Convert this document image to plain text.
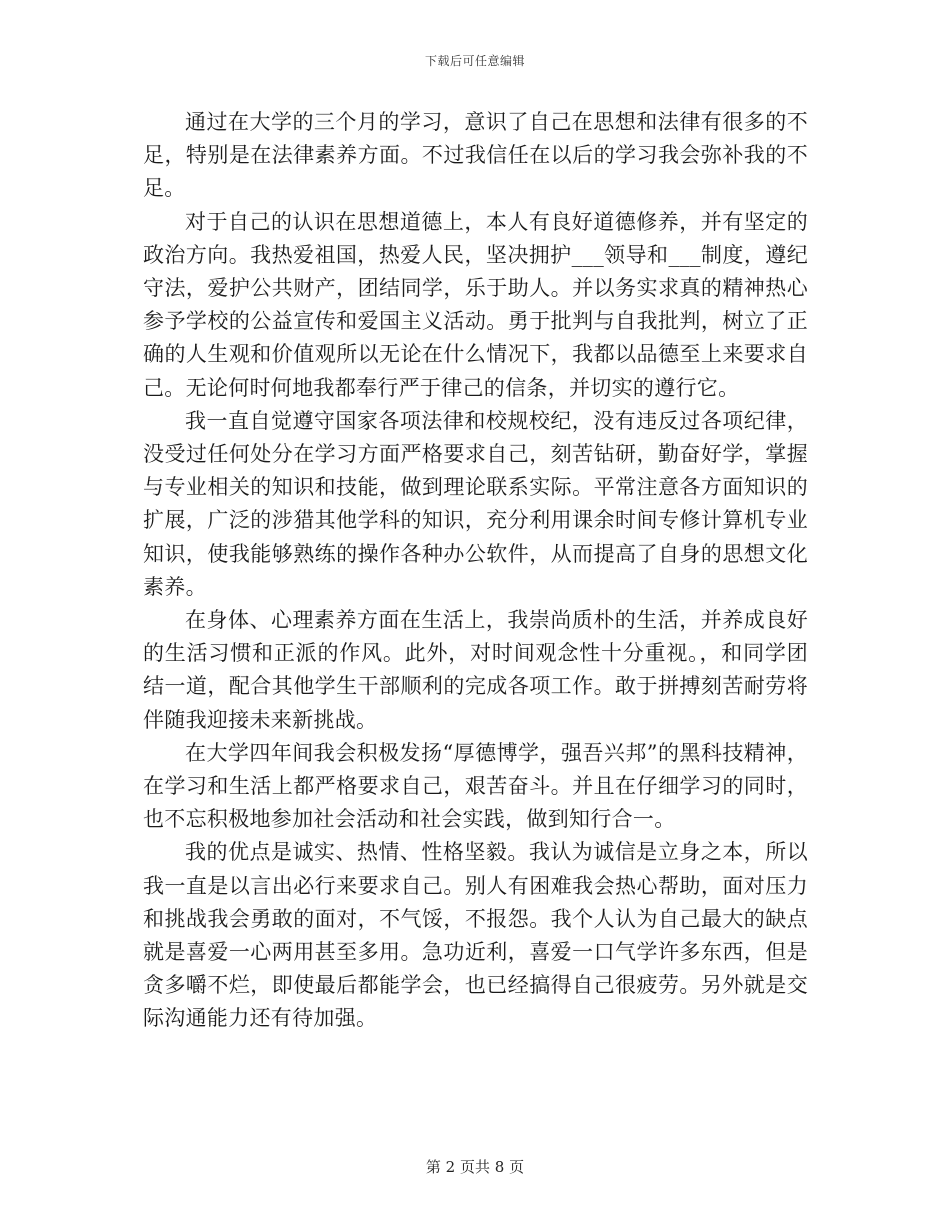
下载后可任意编辑

通过在大学的三个月的学习，意识了自己在思想和法律有很多的不足，特别是在法律素养方面。不过我信任在以后的学习我会弥补我的不足。

对于自己的认识在思想道德上，本人有良好道德修养，并有坚定的政治方向。我热爱祖国，热爱人民，坚决拥护___领导和___制度，遵纪守法，爱护公共财产，团结同学，乐于助人。并以务实求真的精神热心参予学校的公益宣传和爱国主义活动。勇于批判与自我批判，树立了正确的人生观和价值观所以无论在什么情况下，我都以品德至上来要求自己。无论何时何地我都奉行严于律己的信条，并切实的遵行它。

我一直自觉遵守国家各项法律和校规校纪，没有违反过各项纪律，没受过任何处分在学习方面严格要求自己，刻苦钻研，勤奋好学，掌握与专业相关的知识和技能，做到理论联系实际。平常注意各方面知识的扩展，广泛的涉猎其他学科的知识，充分利用课余时间专修计算机专业知识，使我能够熟练的操作各种办公软件，从而提高了自身的思想文化素养。

在身体、心理素养方面在生活上，我崇尚质朴的生活，并养成良好的生活习惯和正派的作风。此外，对时间观念性十分重视。，和同学团结一道，配合其他学生干部顺利的完成各项工作。敢于拼搏刻苦耐劳将伴随我迎接未来新挑战。

在大学四年间我会积极发扬“厚德博学，强吾兴邦”的黑科技精神，在学习和生活上都严格要求自己，艰苦奋斗。并且在仔细学习的同时，也不忘积极地参加社会活动和社会实践，做到知行合一。

我的优点是诚实、热情、性格坚毅。我认为诚信是立身之本，所以我一直是以言出必行来要求自己。别人有困难我会热心帮助，面对压力和挑战我会勇敢的面对，不气馁，不报怨。我个人认为自己最大的缺点就是喜爱一心两用甚至多用。急功近利，喜爱一口气学许多东西，但是贪多嚼不烂，即使最后都能学会，也已经搞得自己很疲劳。另外就是交际沟通能力还有待加强。

第 2 页共 8 页
